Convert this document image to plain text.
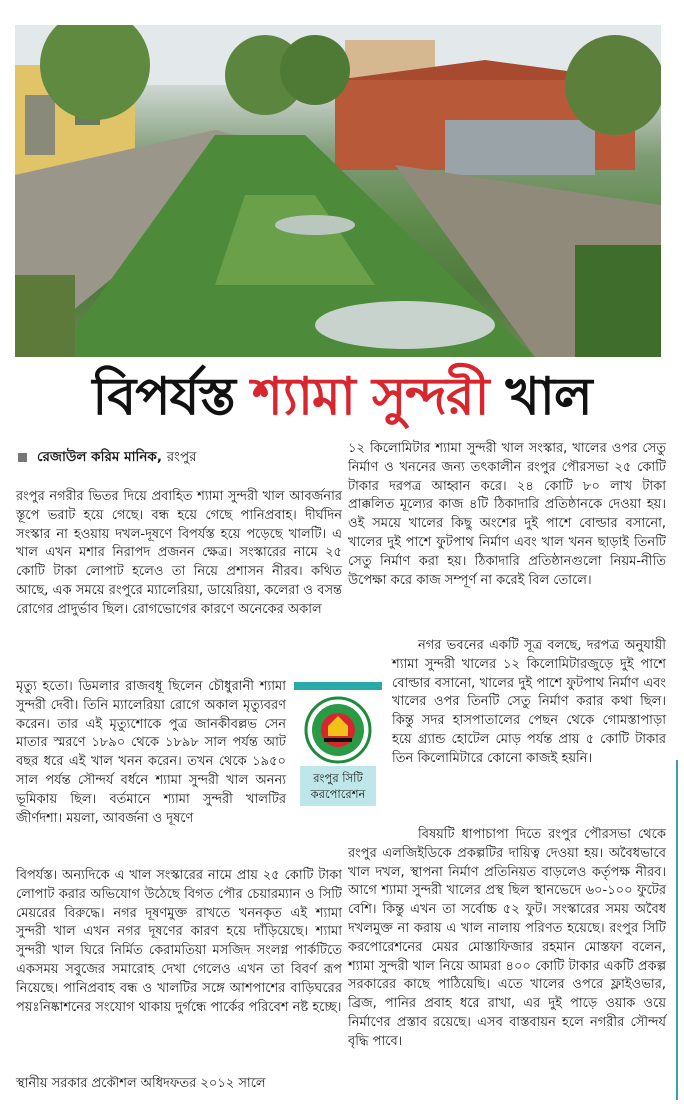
বিপর্যস্ত শ্যামা সুন্দরী খাল
রেজাউল করিম মানিক, রংপুর

রংপুর নগরীর ভিতর দিয়ে প্রবাহিত শ্যামা সুন্দরী খাল আবর্জনার স্তূপে ভরাট হয়ে গেছে। বন্ধ হয়ে গেছে পানিপ্রবাহ। দীর্ঘদিন সংস্কার না হওয়ায় দখল-দূষণে বিপর্যস্ত হয়ে পড়েছে খালটি। এ খাল এখন মশার নিরাপদ প্রজনন ক্ষেত্র। সংস্কারের নামে ২৫ কোটি টাকা লোপাট হলেও তা নিয়ে প্রশাসন নীরব। কথিত আছে, এক সময়ে রংপুরে ম্যালেরিয়া, ডায়েরিয়া, কলেরা ও বসন্ত রোগের প্রাদুর্ভাব ছিল। রোগভোগের কারণে অনেকের অকাল

মৃত্যু হতো। ডিমলার রাজবধূ ছিলেন চৌধুরানী শ্যামা সুন্দরী দেবী। তিনি ম্যালেরিয়া রোগে অকাল মৃত্যুবরণ করেন। তার এই মৃত্যুশোকে পুত্র জানকীবল্লভ সেন মাতার স্মরণে ১৮৯০ থেকে ১৮৯৮ সাল পর্যন্ত আট বছর ধরে এই খাল খনন করেন। তখন থেকে ১৯৫০ সাল পর্যন্ত সৌন্দর্য বর্ধনে শ্যামা সুন্দরী খাল অনন্য ভূমিকায় ছিল। বর্তমানে শ্যামা সুন্দরী খালটির জীর্ণদশা। ময়লা, আবর্জনা ও দূষণে

বিপর্যস্ত। অন্যদিকে এ খাল সংস্কারের নামে প্রায় ২৫ কোটি টাকা লোপাট করার অভিযোগ উঠেছে বিগত পৌর চেয়ারম্যান ও সিটি মেয়রের বিরুদ্ধে। নগর দূষণমুক্ত রাখতে খননকৃত এই শ্যামা সুন্দরী খাল এখন নগর দূষণের কারণ হয়ে দাঁড়িয়েছে। শ্যামা সুন্দরী খাল ঘিরে নির্মিত কেরামতিয়া মসজিদ সংলগ্ন পার্কটিতে একসময় সবুজের সমারোহ দেখা গেলেও এখন তা বিবর্ণ রূপ নিয়েছে। পানিপ্রবাহ বন্ধ ও খালটির সঙ্গে আশপাশের বাড়িঘরের পয়ঃনিষ্কাশনের সংযোগ থাকায় দুর্গন্ধে পার্কের পরিবেশ নষ্ট হচ্ছে।

স্থানীয় সরকার প্রকৌশল অধিদফতর ২০১২ সালে

১২ কিলোমিটার শ্যামা সুন্দরী খাল সংস্কার, খালের ওপর সেতু নির্মাণ ও খননের জন্য তৎকালীন রংপুর পৌরসভা ২৫ কোটি টাকার দরপত্র আহ্বান করে। ২৪ কোটি ৮০ লাখ টাকা প্রাক্কলিত মূল্যের কাজ ৪টি ঠিকাদারি প্রতিষ্ঠানকে দেওয়া হয়। ওই সময়ে খালের কিছু অংশের দুই পাশে বোল্ডার বসানো, খালের দুই পাশে ফুটপাথ নির্মাণ এবং খাল খনন ছাড়াই তিনটি সেতু নির্মাণ করা হয়। ঠিকাদারি প্রতিষ্ঠানগুলো নিয়ম-নীতি উপেক্ষা করে কাজ সম্পূর্ণ না করেই বিল তোলে।

নগর ভবনের একটি সূত্র বলছে, দরপত্র অনুযায়ী শ্যামা সুন্দরী খালের ১২ কিলোমিটারজুড়ে দুই পাশে বোল্ডার বসানো, খালের দুই পাশে ফুটপাথ নির্মাণ এবং খালের ওপর তিনটি সেতু নির্মাণ করার কথা ছিল। কিন্তু সদর হাসপাতালের পেছন থেকে গোমস্তাপাড়া হয়ে গ্র্যান্ড হোটেল মোড় পর্যন্ত প্রায় ৫ কোটি টাকার তিন কিলোমিটারে কোনো কাজই হয়নি।

বিষয়টি ধাপাচাপা দিতে রংপুর পৌরসভা থেকে রংপুর এলজিইডিকে প্রকল্পটির দায়িত্ব দেওয়া হয়। অবৈধভাবে খাল দখল, স্থাপনা নির্মাণ প্রতিনিয়ত বাড়লেও কর্তৃপক্ষ নীরব। আগে শ্যামা সুন্দরী খালের প্রস্থ ছিল স্থানভেদে ৬০-১০০ ফুটের বেশি। কিন্তু এখন তা সর্বোচ্চ ৫২ ফুট। সংস্কারের সময় অবৈধ দখলমুক্ত না করায় এ খাল নালায় পরিণত হয়েছে। রংপুর সিটি করপোরেশনের মেয়র মোস্তাফিজার রহমান মোস্তফা বলেন, শ্যামা সুন্দরী খাল নিয়ে আমরা ৪০০ কোটি টাকার একটি প্রকল্প সরকারের কাছে পাঠিয়েছি। এতে খালের ওপরে ফ্লাইওভার, ব্রিজ, পানির প্রবাহ ধরে রাখা, এর দুই পাড়ে ওয়াক ওয়ে নির্মাণের প্রস্তাব রয়েছে। এসব বাস্তবায়ন হলে নগরীর সৌন্দর্য বৃদ্ধি পাবে।

রংপুর সিটি করপোরেশন
